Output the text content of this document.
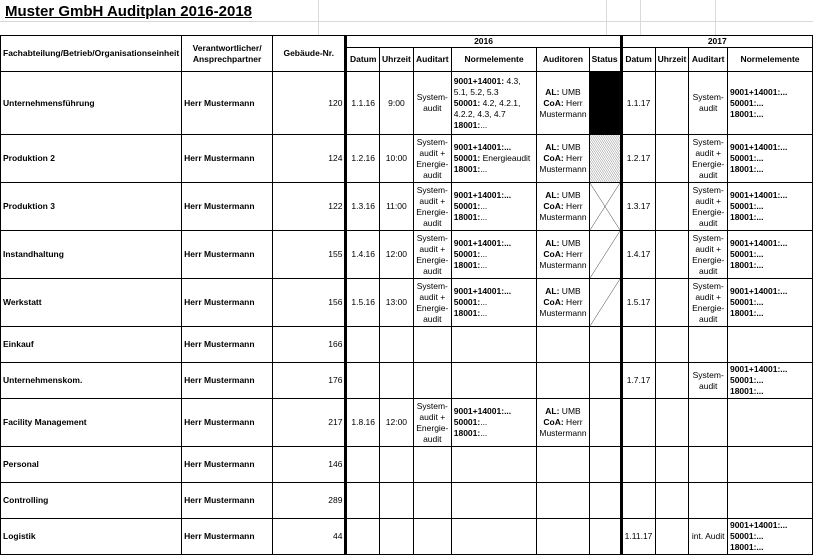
Muster GmbH Auditplan 2016-2018
Fachabteilung/Betrieb/Organisationseinheit	Verantwortlicher/ Ansprechpartner	Gebäude-Nr.	2016						2017			
			Datum	Uhrzeit	Auditart	Normelemente	Auditoren	Status	Datum	Uhrzeit	Auditart	Normelemente
Unternehmensführung	Herr Mustermann	120	1.1.16	9:00	System-audit	9001+14001: 4.3, 5.1, 5.2, 5.3
50001: 4.2, 4.2.1, 4.2.2, 4.3, 4.7
18001:...	AL: UMB
CoA: Herr Mustermann		1.1.17		System-audit	9001+14001:...
50001:...
18001:...
Produktion 2	Herr Mustermann	124	1.2.16	10:00	System-audit + Energie-audit	9001+14001:...
50001: Energieaudit
18001:...	AL: UMB
CoA: Herr Mustermann		1.2.17		System-audit + Energie-audit	9001+14001:...
50001:...
18001:...
Produktion 3	Herr Mustermann	122	1.3.16	11:00	System-audit + Energie-audit	9001+14001:...
50001:...
18001:...	AL: UMB
CoA: Herr Mustermann		1.3.17		System-audit + Energie-audit	9001+14001:...
50001:...
18001:...
Instandhaltung	Herr Mustermann	155	1.4.16	12:00	System-audit + Energie-audit	9001+14001:...
50001:...
18001:...	AL: UMB
CoA: Herr Mustermann		1.4.17		System-audit + Energie-audit	9001+14001:...
50001:...
18001:...
Werkstatt	Herr Mustermann	156	1.5.16	13:00	System-audit + Energie-audit	9001+14001:...
50001:...
18001:...	AL: UMB
CoA: Herr Mustermann		1.5.17		System-audit + Energie-audit	9001+14001:...
50001:...
18001:...
Einkauf	Herr Mustermann	166										
Unternehmenskom.	Herr Mustermann	176							1.7.17		System-audit	9001+14001:...
50001:...
18001:...
Facility Management	Herr Mustermann	217	1.8.16	12:00	System-audit + Energie-audit	9001+14001:...
50001:...
18001:...	AL: UMB
CoA: Herr Mustermann					
Personal	Herr Mustermann	146										
Controlling	Herr Mustermann	289										
Logistik	Herr Mustermann	44							1.11.17		int. Audit	9001+14001:...
50001:...
18001:...
